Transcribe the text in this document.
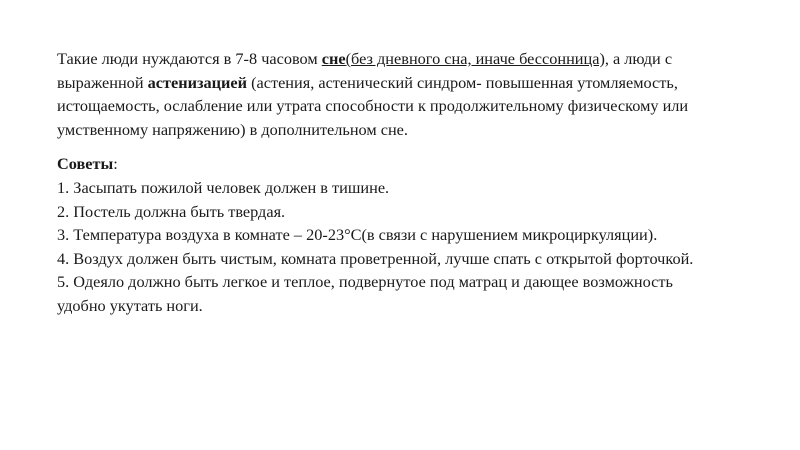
Такие люди нуждаются в 7-8 часовом сне(без дневного сна, иначе бессонница), а люди с выраженной астенизацией (астения, астенический синдром- повышенная утомляемость, истощаемость, ослабление или утрата способности к продолжительному физическому или умственному напряжению) в дополнительном сне.

Советы:
1. Засыпать пожилой человек должен в тишине.
2. Постель должна быть твердая.
3. Температура воздуха в комнате – 20-23°С(в связи с нарушением микроциркуляции).
4. Воздух должен быть чистым, комната проветренной, лучше спать с открытой форточкой.
5. Одеяло должно быть легкое и теплое, подвернутое под матрац и дающее возможность удобно укутать ноги.
